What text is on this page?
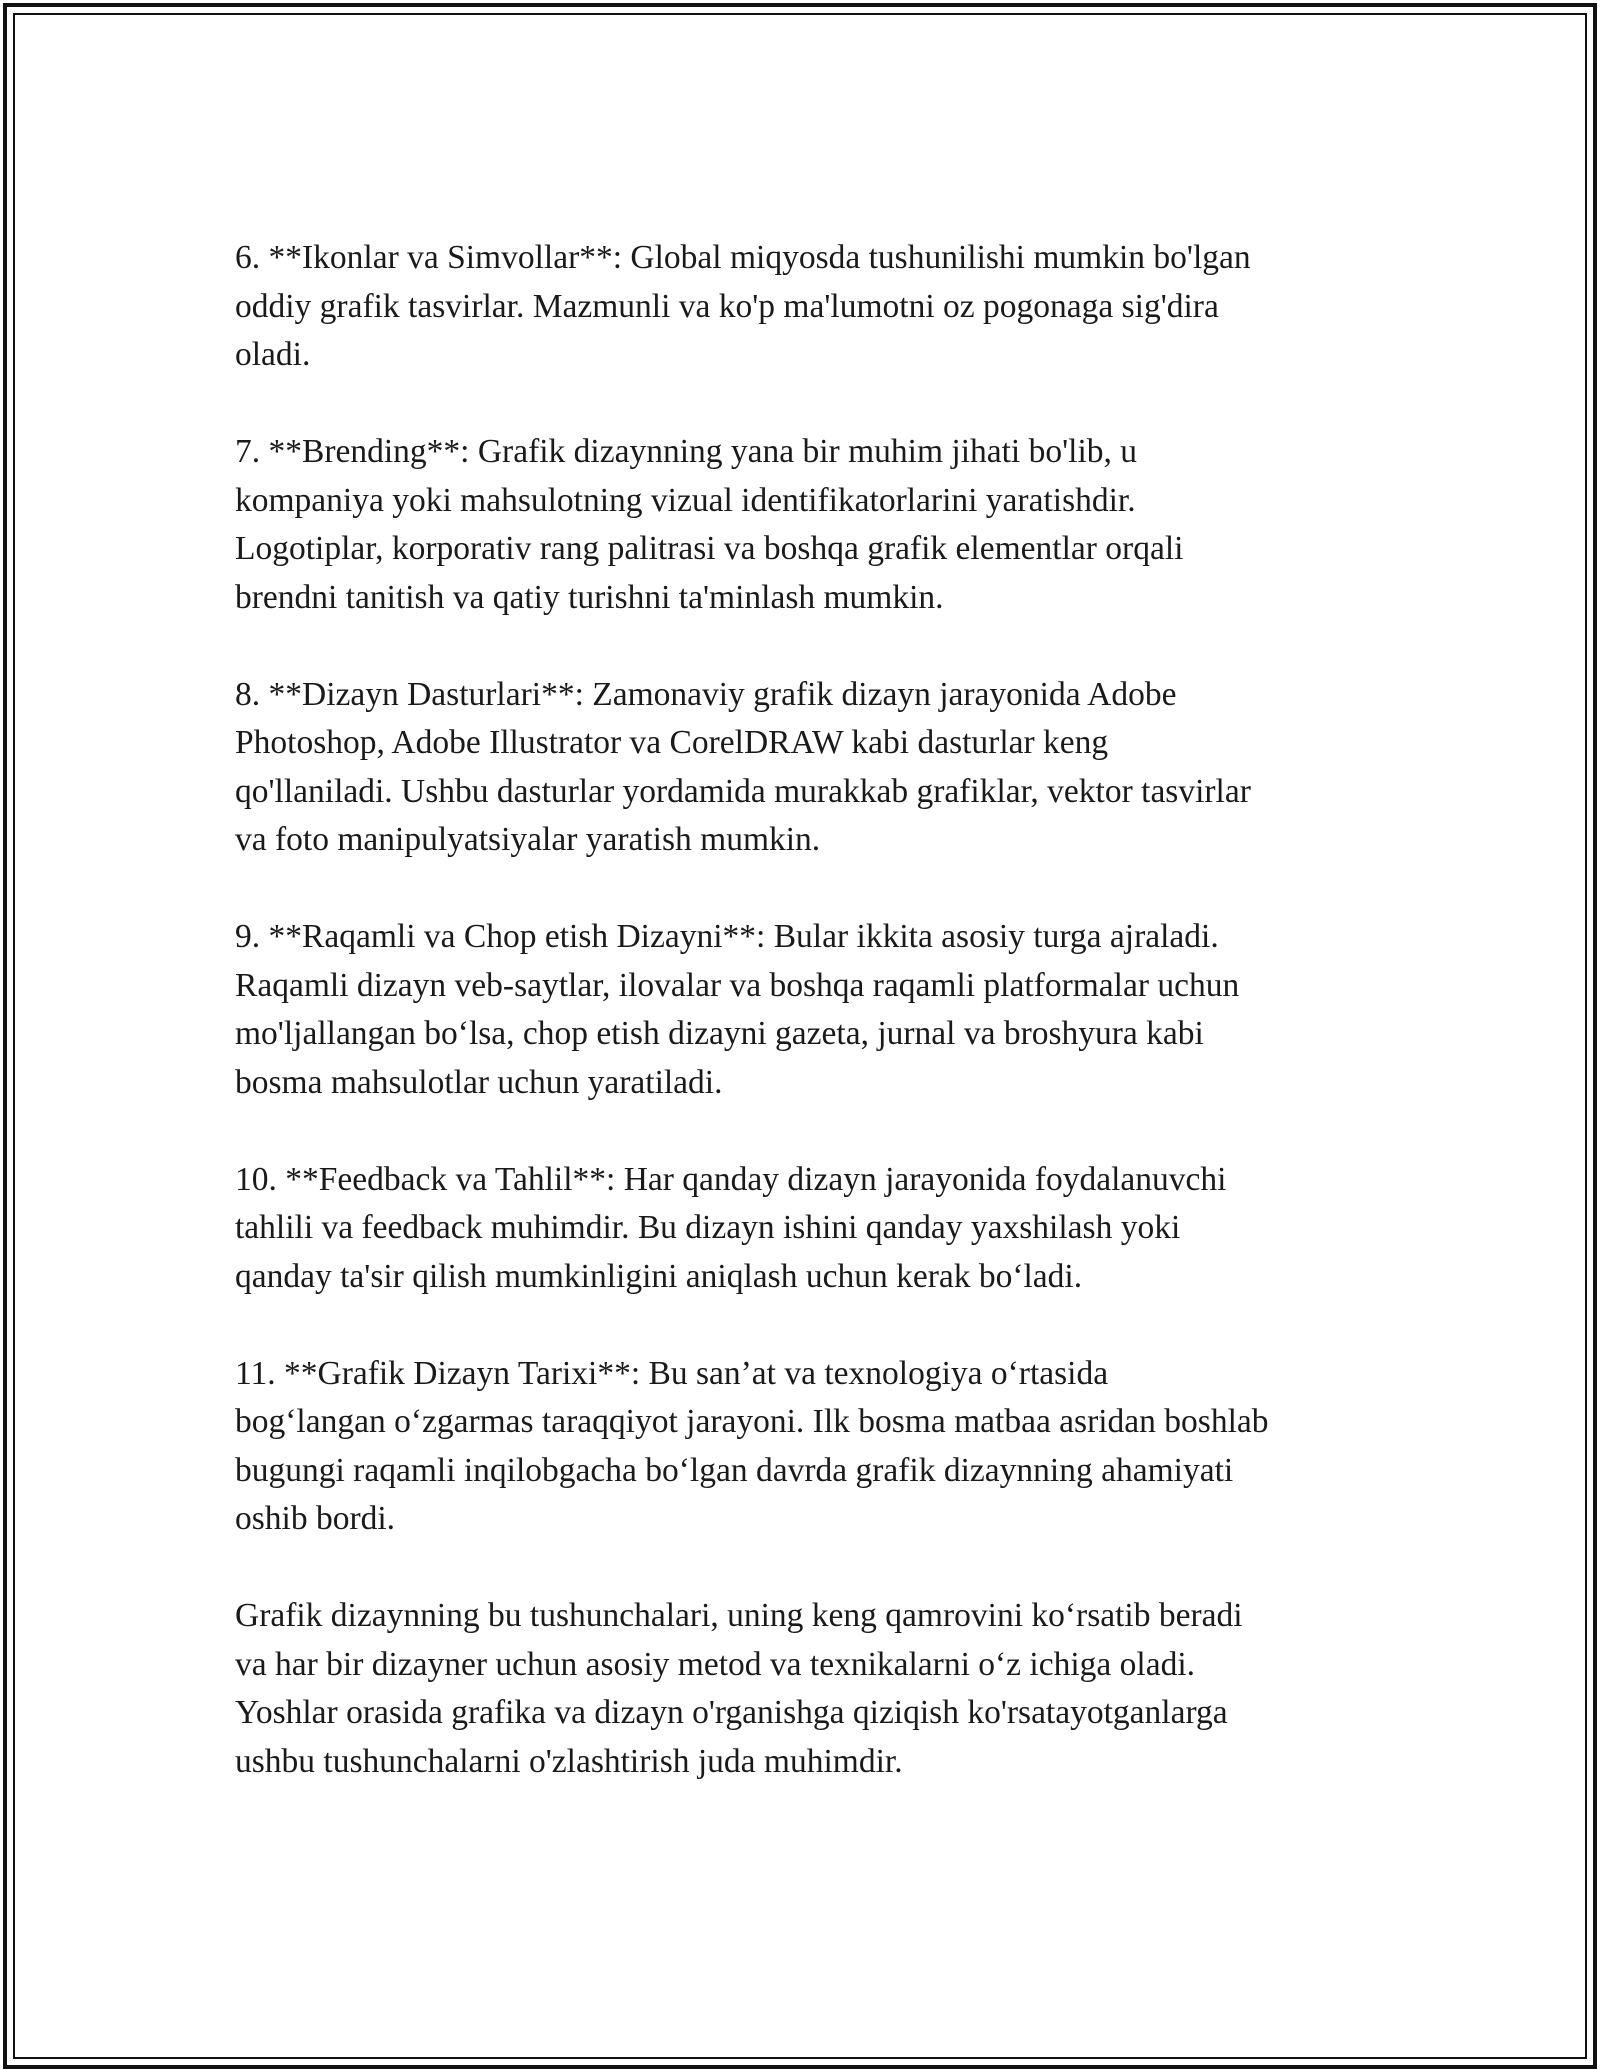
6. **Ikonlar va Simvollar**: Global miqyosda tushunilishi mumkin bo'lgan
oddiy grafik tasvirlar. Mazmunli va ko'p ma'lumotni oz pogonaga sig'dira
oladi.

7. **Brending**: Grafik dizaynning yana bir muhim jihati bo'lib, u
kompaniya yoki mahsulotning vizual identifikatorlarini yaratishdir.
Logotiplar, korporativ rang palitrasi va boshqa grafik elementlar orqali
brendni tanitish va qatiy turishni ta'minlash mumkin.

8. **Dizayn Dasturlari**: Zamonaviy grafik dizayn jarayonida Adobe
Photoshop, Adobe Illustrator va CorelDRAW kabi dasturlar keng
qo'llaniladi. Ushbu dasturlar yordamida murakkab grafiklar, vektor tasvirlar
va foto manipulyatsiyalar yaratish mumkin.

9. **Raqamli va Chop etish Dizayni**: Bular ikkita asosiy turga ajraladi.
Raqamli dizayn veb-saytlar, ilovalar va boshqa raqamli platformalar uchun
mo'ljallangan bo‘lsa, chop etish dizayni gazeta, jurnal va broshyura kabi
bosma mahsulotlar uchun yaratiladi.

10. **Feedback va Tahlil**: Har qanday dizayn jarayonida foydalanuvchi
tahlili va feedback muhimdir. Bu dizayn ishini qanday yaxshilash yoki
qanday ta'sir qilish mumkinligini aniqlash uchun kerak bo‘ladi.

11. **Grafik Dizayn Tarixi**: Bu san’at va texnologiya o‘rtasida
bog‘langan o‘zgarmas taraqqiyot jarayoni. Ilk bosma matbaa asridan boshlab
bugungi raqamli inqilobgacha bo‘lgan davrda grafik dizaynning ahamiyati
oshib bordi.

Grafik dizaynning bu tushunchalari, uning keng qamrovini ko‘rsatib beradi
va har bir dizayner uchun asosiy metod va texnikalarni o‘z ichiga oladi.
Yoshlar orasida grafika va dizayn o'rganishga qiziqish ko'rsatayotganlarga
ushbu tushunchalarni o'zlashtirish juda muhimdir.
